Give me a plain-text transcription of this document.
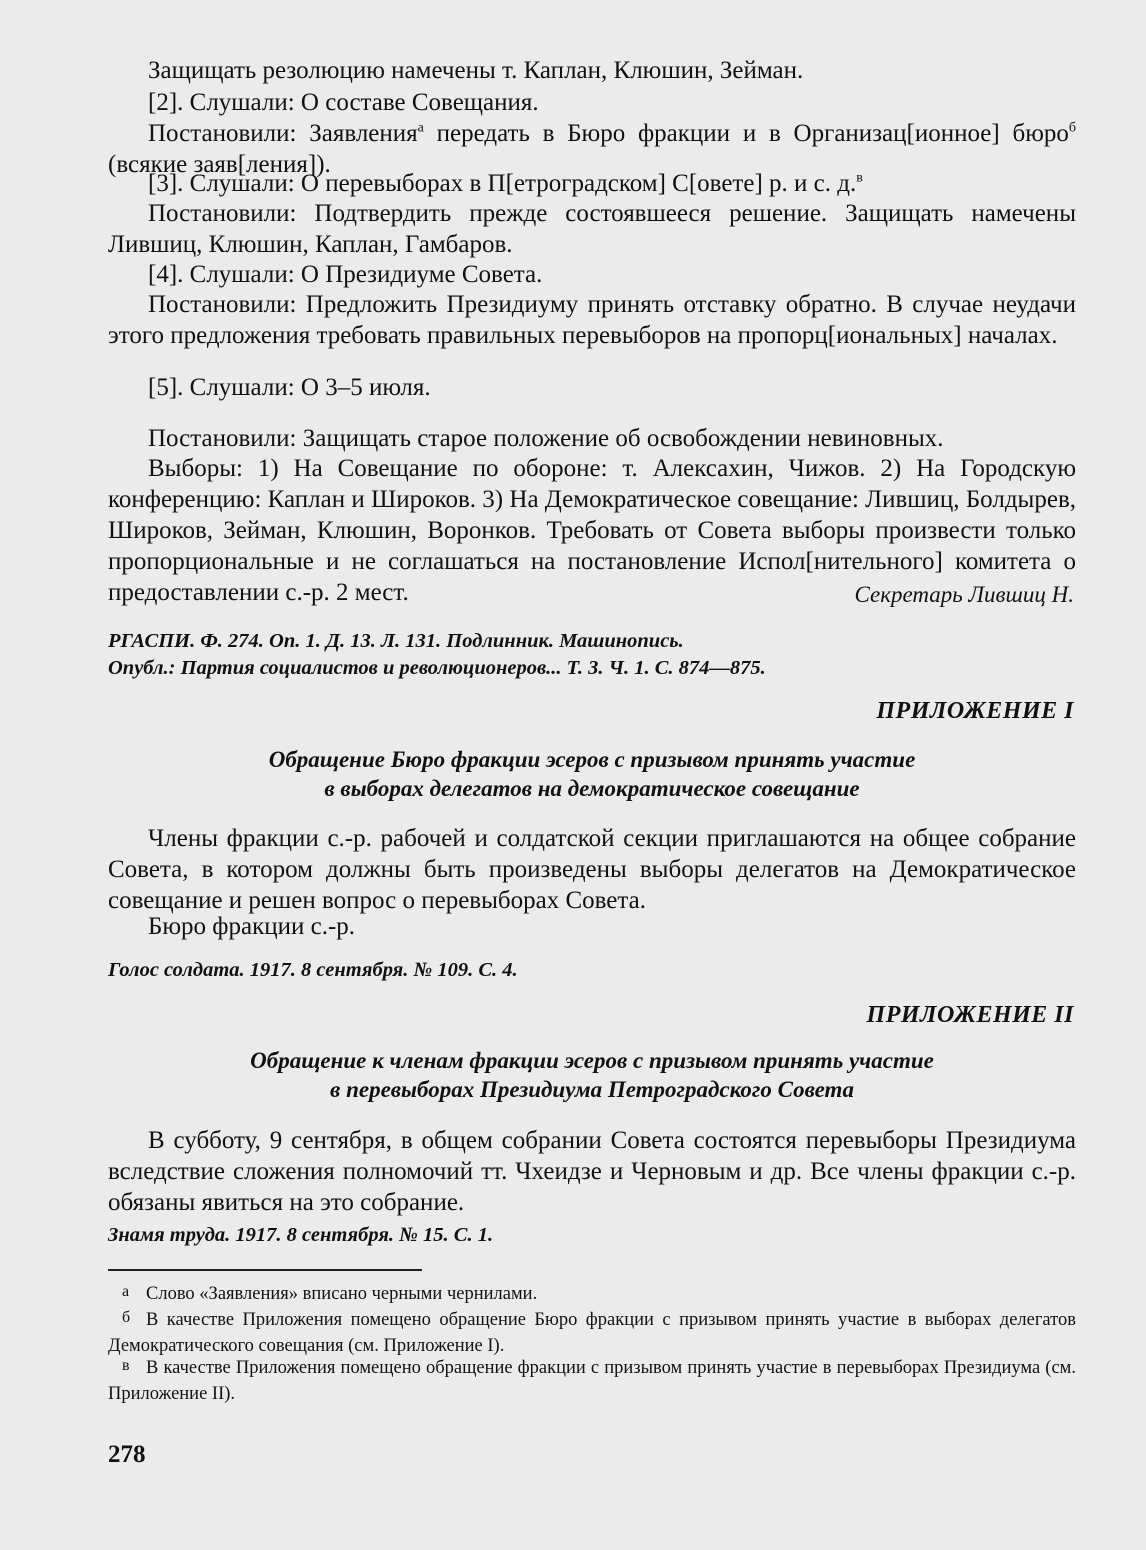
Защищать резолюцию намечены т. Каплан, Клюшин, Зейман.

[2]. Слушали: О составе Совещания.

Постановили: Заявления$^а$ передать в Бюро фракции и в Организац[ионное] бюро$^б$ (всякие заяв[ления]).

[3]. Слушали: О перевыборах в П[етроградском] С[овете] р. и с. д.$^в$

Постановили: Подтвердить прежде состоявшееся решение. Защищать намечены Лившиц, Клюшин, Каплан, Гамбаров.

[4]. Слушали: О Президиуме Совета.

Постановили: Предложить Президиуму принять отставку обратно. В случае неудачи этого предложения требовать правильных перевыборов на пропорц[иональных] началах.

[5]. Слушали: О 3–5 июля.

Постановили: Защищать старое положение об освобождении невиновных.

Выборы: 1) На Совещание по обороне: т. Алексахин, Чижов. 2) На Городскую конференцию: Каплан и Широков. 3) На Демократическое совещание: Лившиц, Болдырев, Широков, Зейман, Клюшин, Воронков. Требовать от Совета выборы произвести только пропорциональные и не соглашаться на постановление Испол[нительного] комитета о предоставлении с.-р. 2 мест.	Секретарь Лившиц Н.

РГАСПИ. Ф. 274. Оп. 1. Д. 13. Л. 131. Подлинник. Машинопись.

Опубл.: Партия социалистов и революционеров... Т. 3. Ч. 1. С. 874—875.

ПРИЛОЖЕНИЕ I

Обращение Бюро фракции эсеров с призывом принять участие

в выборах делегатов на демократическое совещание

Члены фракции с.-р. рабочей и солдатской секции приглашаются на общее собрание Совета, в котором должны быть произведены выборы делегатов на Демократическое совещание и решен вопрос о перевыборах Совета.

Бюро фракции с.-р.

Голос солдата. 1917. 8 сентября. № 109. С. 4.

ПРИЛОЖЕНИЕ II

Обращение к членам фракции эсеров с призывом принять участие

в перевыборах Президиума Петроградского Совета

В субботу, 9 сентября, в общем собрании Совета состоятся перевыборы Президиума вследствие сложения полномочий тт. Чхеидзе и Черновым и др. Все члены фракции с.-р. обязаны явиться на это собрание.

Знамя труда. 1917. 8 сентября. № 15. С. 1.

а Слово «Заявления» вписано черными чернилами.

б В качестве Приложения помещено обращение Бюро фракции с призывом принять участие в выборах делегатов Демократического совещания (см. Приложение I).

в В качестве Приложения помещено обращение фракции с призывом принять участие в перевыборах Президиума (см. Приложение II).

278
